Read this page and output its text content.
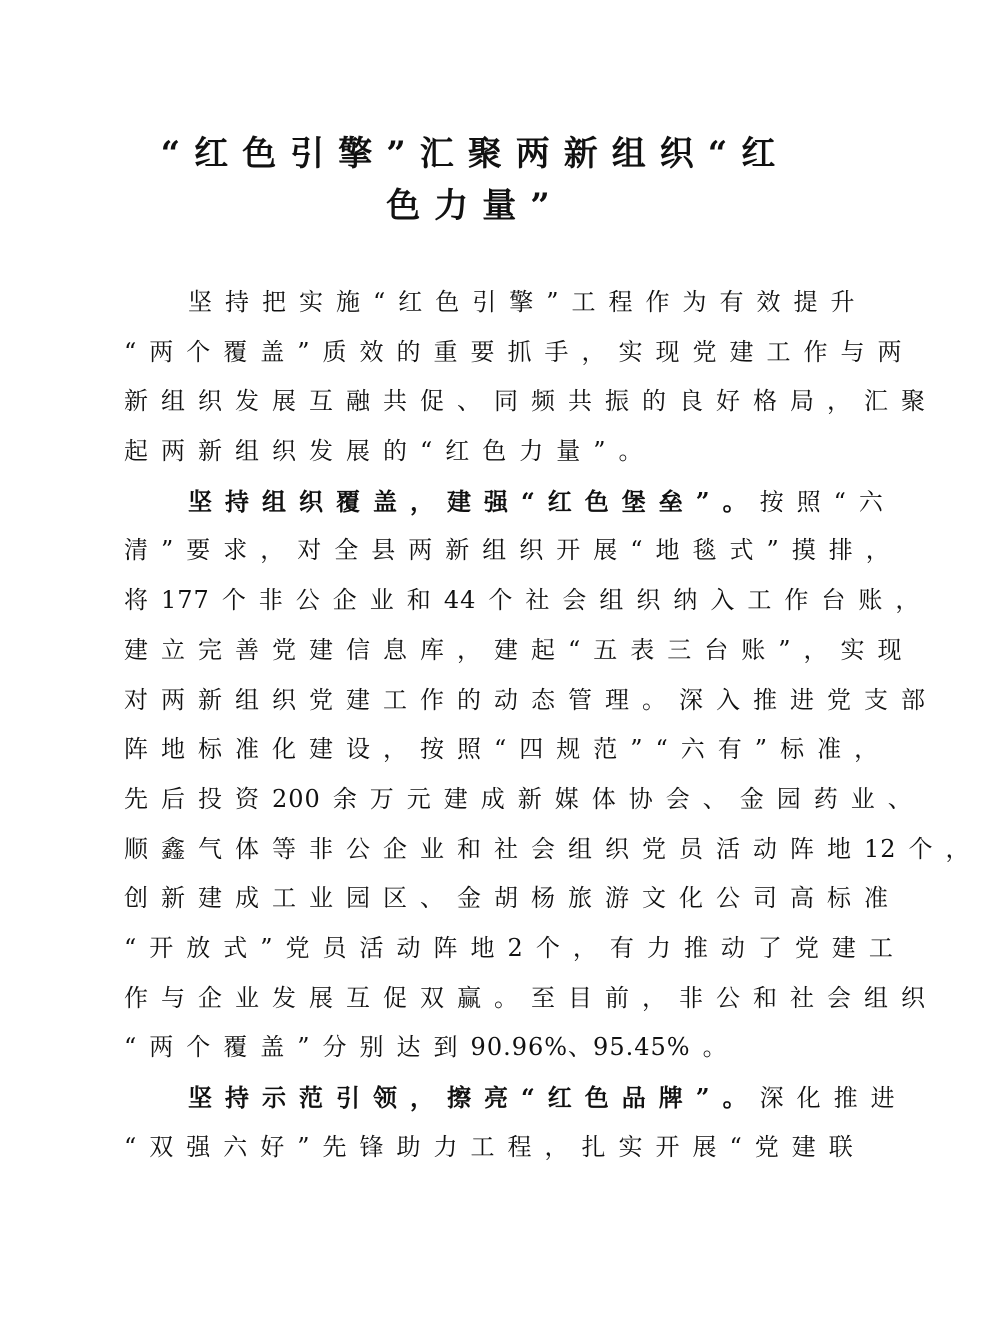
“红色引擎”汇聚两新组织“红
色力量”
坚持把实施“红色引擎”工程作为有效提升
“两个覆盖”质效的重要抓手，实现党建工作与两
新组织发展互融共促、同频共振的良好格局，汇聚
起两新组织发展的“红色力量”。
坚持组织覆盖，建强“红色堡垒”。按照“六
清”要求，对全县两新组织开展“地毯式”摸排，
将177 个非公企业和44 个社会组织纳入工作台账，
建立完善党建信息库，建起“五表三台账”，实现
对两新组织党建工作的动态管理。深入推进党支部
阵地标准化建设，按照“四规范”“六有”标准，
先后投资200 余万元建成新媒体协会、金园药业、
顺鑫气体等非公企业和社会组织党员活动阵地12 个，
创新建成工业园区、金胡杨旅游文化公司高标准
“开放式”党员活动阵地2 个，有力推动了党建工
作与企业发展互促双赢。至目前，非公和社会组织
“两个覆盖”分别达到90.96%、95.45% 。
坚持示范引领，擦亮“红色品牌”。深化推进
“双强六好”先锋助力工程，扎实开展“党建联
